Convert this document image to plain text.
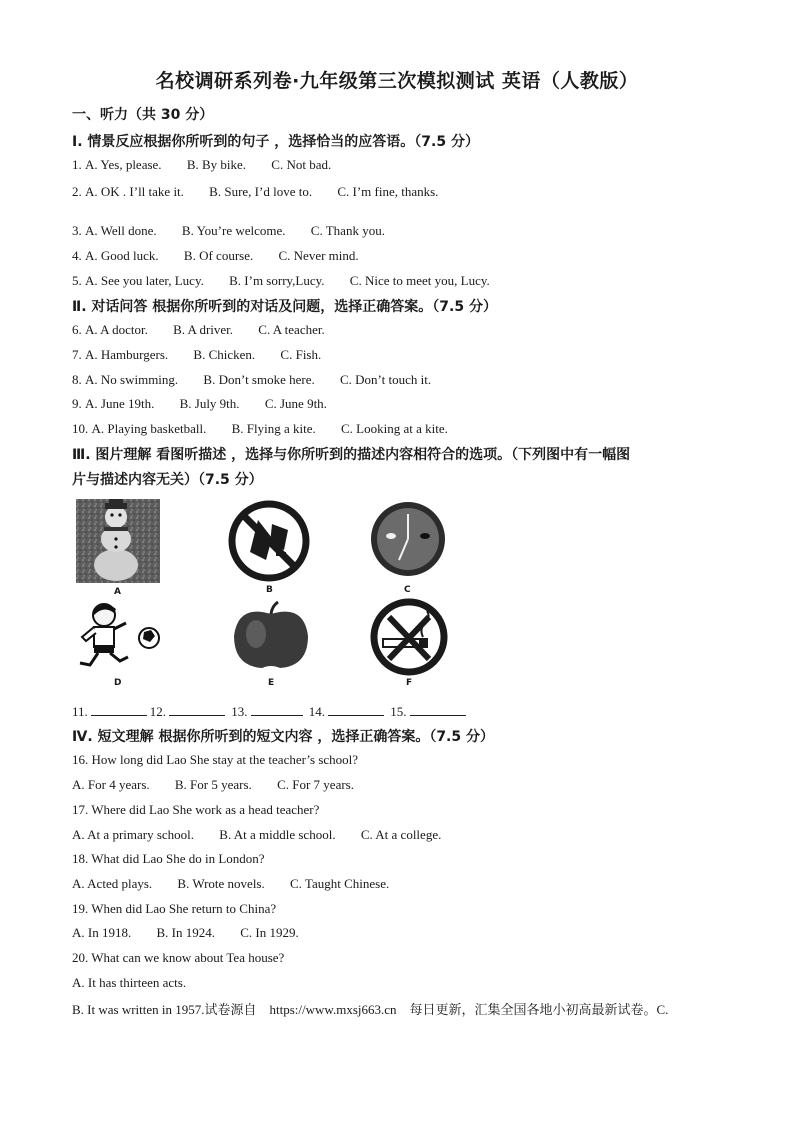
名校调研系列卷·九年级第三次模拟测试 英语（人教版）
一、听力（共 30 分）
I. 情景反应根据你所听到的句子 ，选择恰当的应答语。（7.5 分）
1. A. Yes, please. B. By bike. C. Not bad.
2. A. OK . I’ll take it. B. Sure, I’d love to. C. I’m fine, thanks.
3. A. Well done. B. You’re welcome. C. Thank you.
4. A. Good luck. B. Of course. C. Never mind.
5. A. See you later, Lucy. B. I’m sorry,Lucy. C. Nice to meet you, Lucy.
Ⅱ. 对话问答 根据你所听到的对话及问题，选择正确答案。（7.5 分）
6. A. A doctor. B. A driver. C. A teacher.
7. A. Hamburgers. B. Chicken. C. Fish.
8. A. No swimming. B. Don’t smoke here. C. Don’t touch it.
9. A. June 19th. B. July 9th. C. June 9th.
10. A. Playing basketball. B. Flying a kite. C. Looking at a kite.
Ⅲ. 图片理解 看图听描述 ，选择与你所听到的描述内容相符合的选项。（下列图中有一幅图
片与描述内容无关）（7.5 分）
A	B	C
D	E	F
11.	12.	13.	14.	15.
Ⅳ. 短文理解 根据你所听到的短文内容 ，选择正确答案。（7.5 分）
16. How long did Lao She stay at the teacher’s school?
A. For 4 years. B. For 5 years. C. For 7 years.
17. Where did Lao She work as a head teacher?
A. At a primary school. B. At a middle school. C. At a college.
18. What did Lao She do in London?
A. Acted plays. B. Wrote novels. C. Taught Chinese.
19. When did Lao She return to China?
A. In 1918. B. In 1924. C. In 1929.
20. What can we know about Tea house?
A. It has thirteen acts.
B. It was written in 1957.试卷源自　https://www.mxsj663.cn　每日更新，汇集全国各地小初高最新试卷。C.
